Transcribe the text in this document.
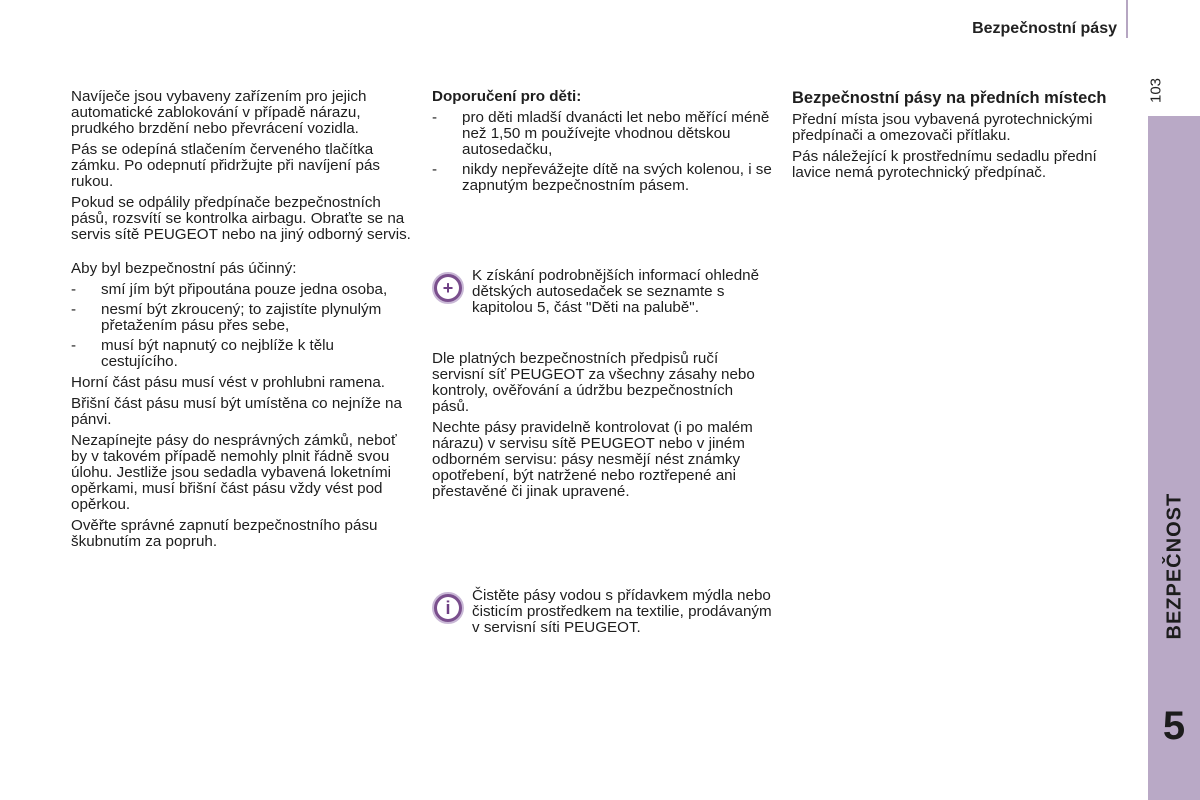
Bezpečnostní pásy
103
5

Navíječe jsou vybaveny zařízením pro jejich automatické zablokování v případě nárazu, prudkého brzdění nebo převrácení vozidla.

Pás se odepíná stlačením červeného tlačítka zámku. Po odepnutí přidržujte při navíjení pás rukou.

Pokud se odpálily předpínače bezpečnostních pásů, rozsvítí se kontrolka airbagu. Obraťte se na servis sítě PEUGEOT nebo na jiný odborný servis.

Aby byl bezpečnostní pás účinný:

- smí jím být připoutána pouze jedna osoba,
- nesmí být zkroucený; to zajistíte plynulým přetažením pásu přes sebe,
- musí být napnutý co nejblíže k tělu cestujícího.

Horní část pásu musí vést v prohlubni ramena.

Břišní část pásu musí být umístěna co nejníže na pánvi.

Nezapínejte pásy do nesprávných zámků, neboť by v takovém případě nemohly plnit řádně svou úlohu. Jestliže jsou sedadla vybavená loketními opěrkami, musí břišní část pásu vždy vést pod opěrkou.

Ověřte správné zapnutí bezpečnostního pásu škubnutím za popruh.

Doporučení pro děti:

- pro děti mladší dvanácti let nebo měřící méně než 1,50 m používejte vhodnou dětskou autosedačku,
- nikdy nepřevážejte dítě na svých kolenou, i se zapnutým bezpečnostním pásem.
+
K získání podrobnějších informací ohledně dětských autosedaček se seznamte s kapitolou 5, část "Děti na palubě".

Dle platných bezpečnostních předpisů ručí servisní síť PEUGEOT za všechny zásahy nebo kontroly, ověřování a údržbu bezpečnostních pásů.

Nechte pásy pravidelně kontrolovat (i po malém nárazu) v servisu sítě PEUGEOT nebo v jiném odborném servisu: pásy nesmějí nést známky opotřebení, být natržené nebo roztřepené ani přestavěné či jinak upravené.

i
Čistěte pásy vodou s přídavkem mýdla nebo čisticím prostředkem na textilie, prodávaným v servisní síti PEUGEOT.

Bezpečnostní pásy na předních místech

Přední místa jsou vybavená pyrotechnickými předpínači a omezovači přítlaku.

Pás náležející k prostřednímu sedadlu přední lavice nemá pyrotechnický předpínač.
